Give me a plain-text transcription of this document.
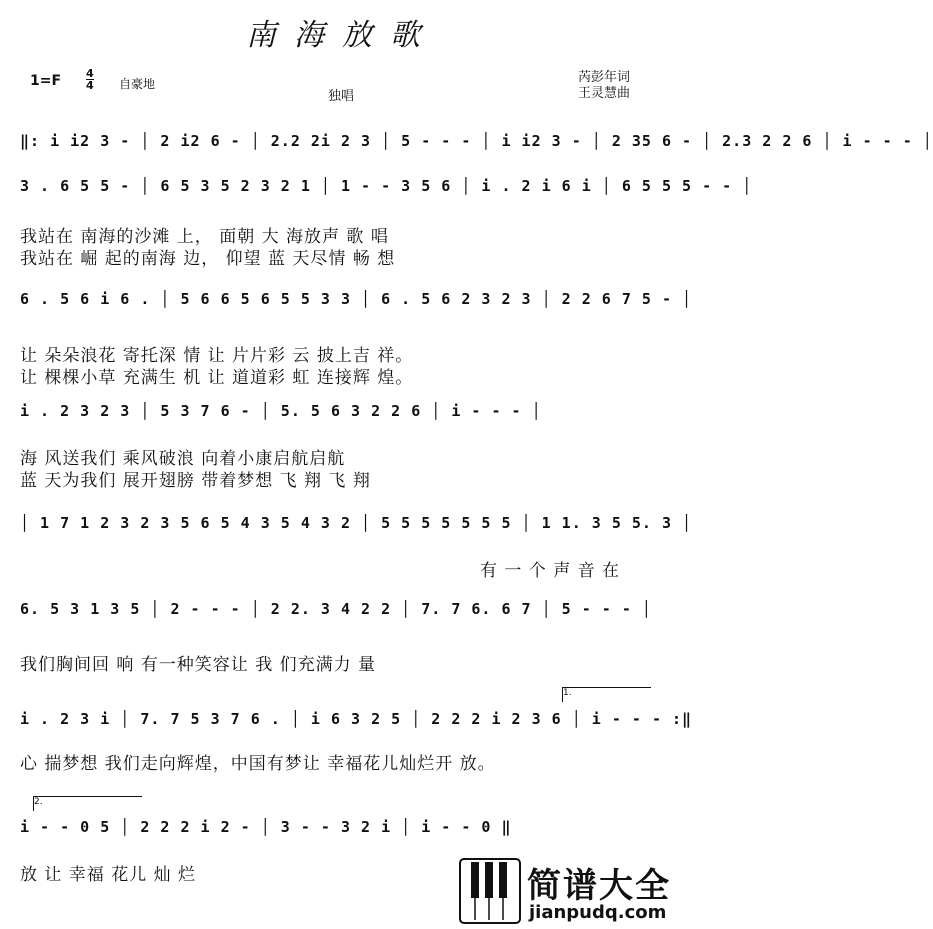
南海放歌
1=F 4
4 自豪地
独唱
芮彭年词
王灵慧曲
‖: i i2 3 - │ 2 i2 6 - │ 2.2 2i 2 3 │ 5 - - - │ i i2 3 - │ 2 35 6 - │ 2.3 2 2 6 │ i - - - │
3 . 6 5 5 - │ 6 5 3 5 2 3 2 1 │ 1 - - 3 5 6 │ i . 2 i 6 i │ 6 5 5 5 - - │
我站在 南海的沙滩 上， 面朝 大 海放声 歌 唱
我站在 崛 起的南海 边， 仰望 蓝 天尽情 畅 想
6 . 5 6 i 6 . │ 5 6 6 5 6 5 5 3 3 │ 6 . 5 6 2 3 2 3 │ 2 2 6 7 5 - │
让 朵朵浪花 寄托深 情 让 片片彩 云 披上吉 祥。
让 棵棵小草 充满生 机 让 道道彩 虹 连接辉 煌。
i . 2 3 2 3 │ 5 3 7 6 - │ 5. 5 6 3 2 2 6 │ i - - - │
海 风送我们 乘风破浪 向着小康启航启航
蓝 天为我们 展开翅膀 带着梦想 飞 翔 飞 翔
│ 1 7 1 2 3 2 3 5 6 5 4 3 5 4 3 2 │ 5 5 5 5 5 5 5 │ 1 1. 3 5 5. 3 │
有 一 个 声 音 在
6. 5 3 1 3 5 │ 2 - - - │ 2 2. 3 4 2 2 │ 7. 7 6. 6 7 │ 5 - - - │
我们胸间回 响 有一种笑容让 我 们充满力 量
1.
i . 2 3 i │ 7. 7 5 3 7 6 . │ i 6 3 2 5 │ 2 2 2 i 2 3 6 │ i - - - :‖
心 揣梦想 我们走向辉煌，中国有梦让 幸福花儿灿烂开 放。
2.
i - - 0 5 │ 2 2 2 i 2 - │ 3 - - 3 2 i │ i - - 0 ‖
放 让 幸福 花儿 灿 烂	简谱大全
jianpudq.com
